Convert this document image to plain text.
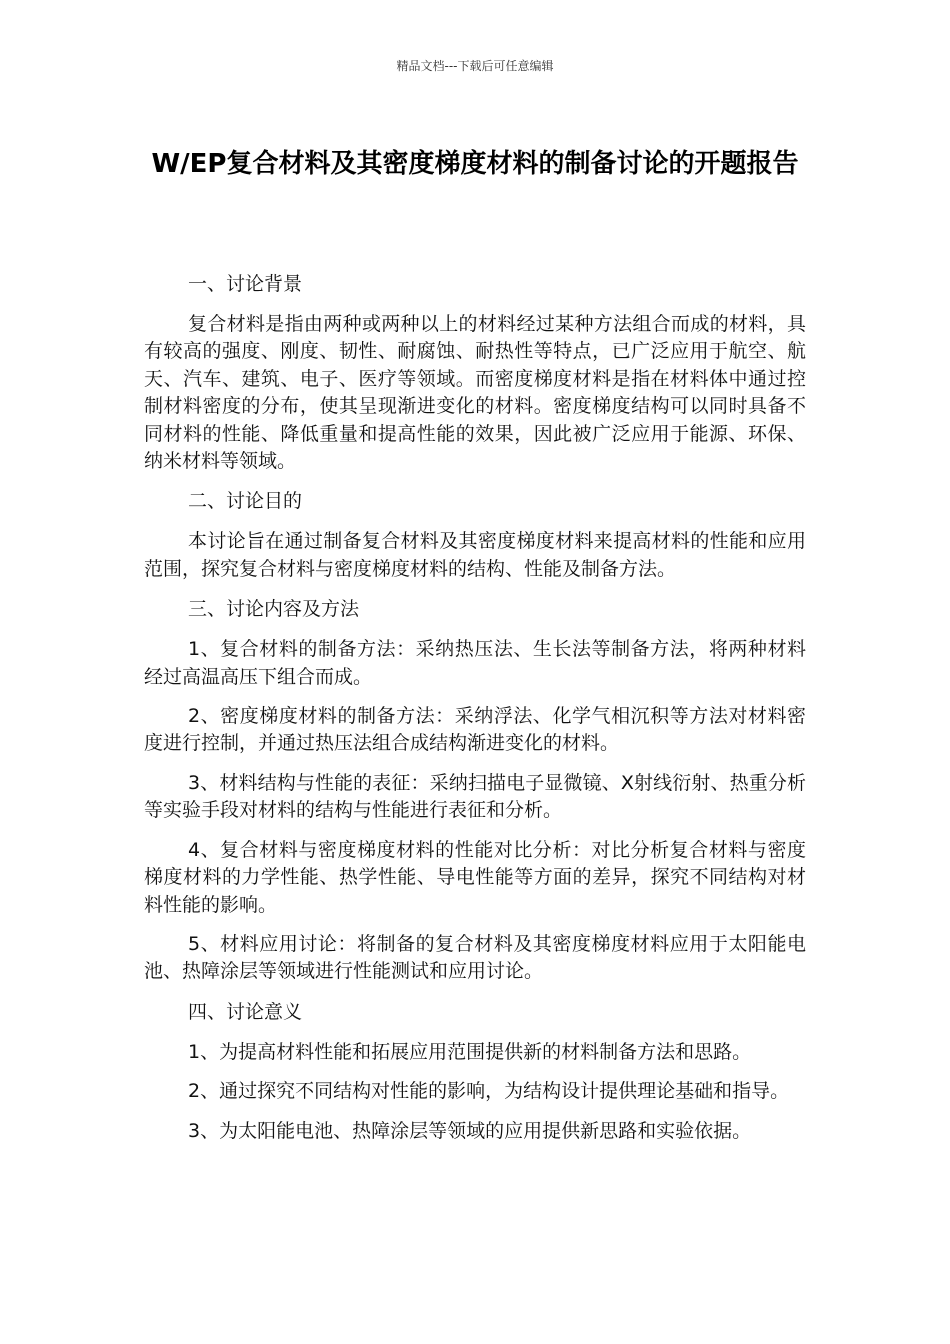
精品文档---下载后可任意编辑
W/EP复合材料及其密度梯度材料的制备讨论的开题报告

一、讨论背景

复合材料是指由两种或两种以上的材料经过某种方法组合而成的材料，具有较高的强度、刚度、韧性、耐腐蚀、耐热性等特点，已广泛应用于航空、航天、汽车、建筑、电子、医疗等领域。而密度梯度材料是指在材料体中通过控制材料密度的分布，使其呈现渐进变化的材料。密度梯度结构可以同时具备不同材料的性能、降低重量和提高性能的效果，因此被广泛应用于能源、环保、纳米材料等领域。

二、讨论目的

本讨论旨在通过制备复合材料及其密度梯度材料来提高材料的性能和应用范围，探究复合材料与密度梯度材料的结构、性能及制备方法。

三、讨论内容及方法

1、复合材料的制备方法：采纳热压法、生长法等制备方法，将两种材料经过高温高压下组合而成。

2、密度梯度材料的制备方法：采纳浮法、化学气相沉积等方法对材料密度进行控制，并通过热压法组合成结构渐进变化的材料。

3、材料结构与性能的表征：采纳扫描电子显微镜、X射线衍射、热重分析等实验手段对材料的结构与性能进行表征和分析。

4、复合材料与密度梯度材料的性能对比分析：对比分析复合材料与密度梯度材料的力学性能、热学性能、导电性能等方面的差异，探究不同结构对材料性能的影响。

5、材料应用讨论：将制备的复合材料及其密度梯度材料应用于太阳能电池、热障涂层等领域进行性能测试和应用讨论。

四、讨论意义

1、为提高材料性能和拓展应用范围提供新的材料制备方法和思路。

2、通过探究不同结构对性能的影响，为结构设计提供理论基础和指导。

3、为太阳能电池、热障涂层等领域的应用提供新思路和实验依据。
